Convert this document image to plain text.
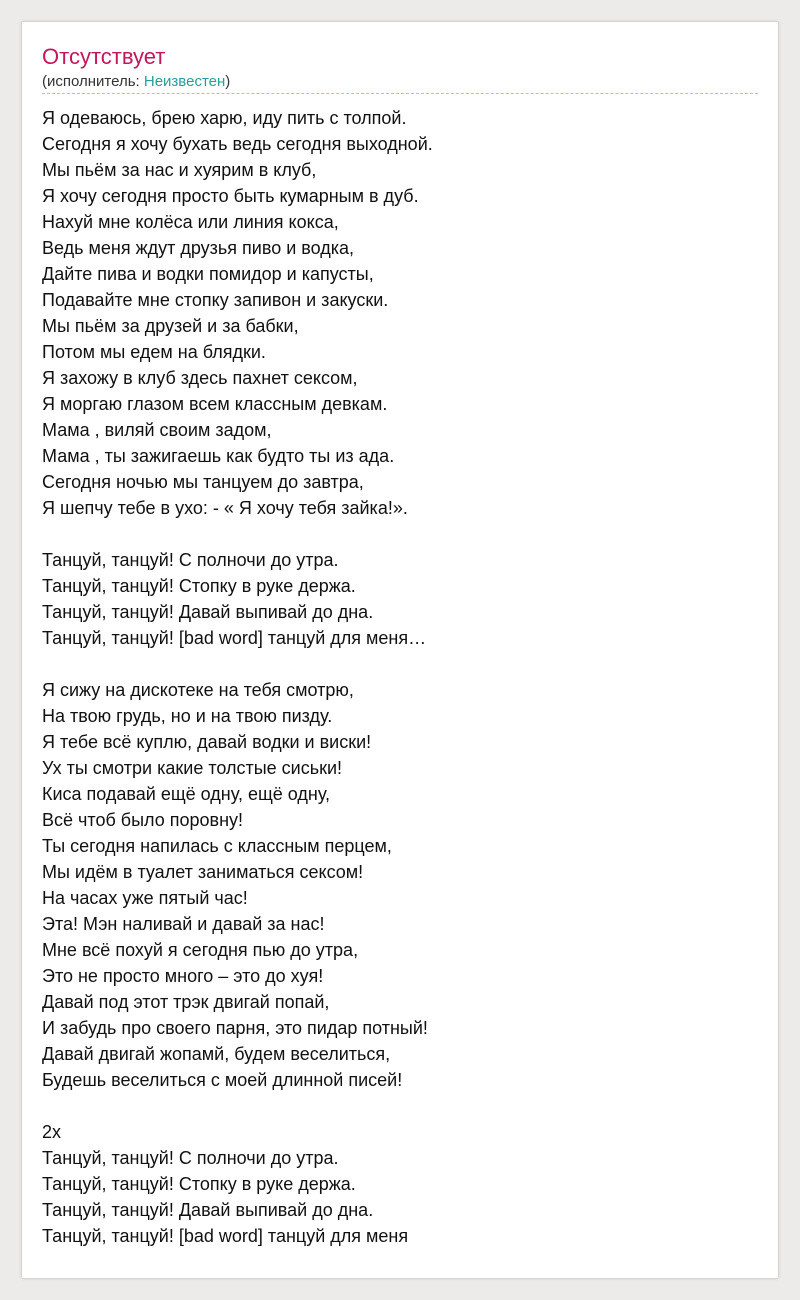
Отсутствует
(исполнитель: Неизвестен)
Я одеваюсь, брею харю, иду пить с толпой.
Сегодня я хочу бухать ведь сегодня выходной.
Мы пьём за нас и хуярим в клуб,
Я хочу сегодня просто быть кумарным в дуб.
Нахуй мне колёса или линия кокса,
Ведь меня ждут друзья пиво и водка,
Дайте пива и водки помидор и капусты,
Подавайте мне стопку запивон и закуски.
Мы пьём за друзей и за бабки,
Потом мы едем на блядки.
Я захожу в клуб здесь пахнет сексом,
Я моргаю глазом всем классным девкам.
Мама , виляй своим задом,
Мама , ты зажигаешь как будто ты из ада.
Сегодня ночью мы танцуем до завтра,
Я шепчу тебе в ухо: - « Я хочу тебя зайка!».
Танцуй, танцуй! С полночи до утра.
Танцуй, танцуй! Стопку в руке держа.
Танцуй, танцуй! Давай выпивай до дна.
Танцуй, танцуй! [bad word] танцуй для меня…
Я сижу на дискотеке на тебя смотрю,
На твою грудь, но и на твою пизду.
Я тебе всё куплю, давай водки и виски!
Ух ты смотри какие толстые сиськи!
Киса подавай ещё одну, ещё одну,
Всё чтоб было поровну!
Ты сегодня напилась с классным перцем,
Мы идём в туалет заниматься сексом!
На часах уже пятый час!
Эта! Мэн наливай и давай за нас!
Мне всё похуй я сегодня пью до утра,
Это не просто много – это до хуя!
Давай под этот трэк двигай попай,
И забудь про своего парня, это пидар потный!
Давай двигай жопамй, будем веселиться,
Будешь веселиться с моей длинной писей!
2х
Танцуй, танцуй! С полночи до утра.
Танцуй, танцуй! Стопку в руке держа.
Танцуй, танцуй! Давай выпивай до дна.
Танцуй, танцуй! [bad word] танцуй для меня
